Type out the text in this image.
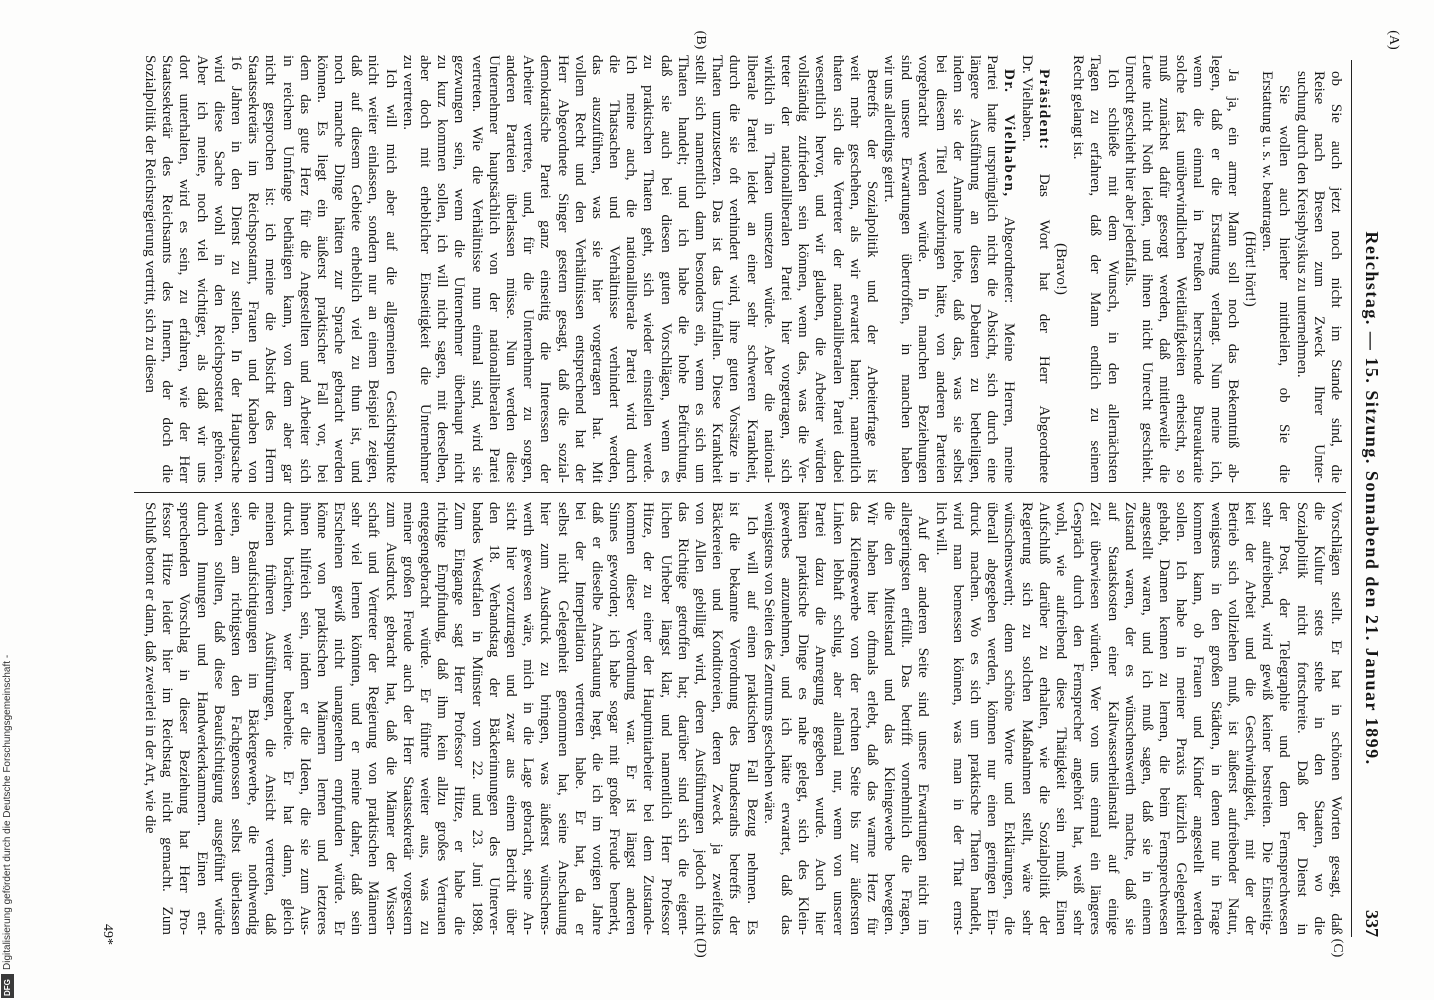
Reichstag. — 15. Sitzung. Sonnabend den 21. Januar 1899.
337
(A)
(B)
(C)
(D)
ob Sie auch jetzt noch nicht im Stande sind, die
Reise nach Bresen zum Zweck Ihrer Unter-
suchung durch den Kreisphysikus zu unternehmen.
Sie wollen auch hierher mittheilen, ob Sie die
Erstattung u. s. w. beantragen.
(Hört! hört!)
Ja ja, ein armer Mann soll noch das Bekenntniß ab-
legen, daß er die Erstattung verlangt. Nun meine ich,
wenn die einmal in Preußen herrschende Bureaukratie
solche fast unüberwindlichen Weitläufigkeiten erheischt, so
muß zunächst dafür gesorgt werden, daß mittlerweile die
Leute nicht Noth leiden, und ihnen nicht Unrecht geschieht.
Unrecht geschieht hier aber jedenfalls.
Ich schließe mit dem Wunsch, in den allernächsten
Tagen zu erfahren, daß der Mann endlich zu seinem
Recht gelangt ist.
(Bravo!)
Präsident: Das Wort hat der Herr Abgeordnete
Dr. Vielhaben.
Dr. Vielhaben, Abgeordneter: Meine Herren, meine
Partei hatte ursprünglich nicht die Absicht, sich durch eine
längere Ausführung an diesen Debatten zu betheiligen,
indem sie der Annahme lebte, daß das, was sie selbst
bei diesem Titel vorzubringen hätte, von anderen Parteien
vorgebracht werden würde. In manchen Beziehungen
sind unsere Erwartungen übertroffen, in manchen haben
wir uns allerdings geirrt.
Betreffs der Sozialpolitik und der Arbeiterfrage ist
weit mehr geschehen, als wir erwartet hatten; namentlich
thaten sich die Vertreter der nationalliberalen Partei dabei
wesentlich hervor, und wir glauben, die Arbeiter würden
vollständig zufrieden sein können, wenn das, was die Ver-
treter der nationalliberalen Partei hier vorgetragen, sich
wirklich in Thaten umsetzen würde. Aber die national-
liberale Partei leidet an einer sehr schweren Krankheit,
durch die sie oft verhindert wird, ihre guten Vorsätze in
Thaten umzusetzen. Das ist das Umfallen. Diese Krankheit
stellt sich namentlich dann besonders ein, wenn es sich um
Thaten handelt; und ich habe die hohe Befürchtung,
daß sie auch bei diesen guten Vorschlägen, wenn es
zu praktischen Thaten geht, sich wieder einstellen werde.
Ich meine auch, die nationalliberale Partei wird durch
die Thatsachen und Verhältnisse verhindert werden,
das auszuführen, was sie hier vorgetragen hat. Mit
vollem Recht und den Verhältnissen entsprechend hat der
Herr Abgeordnete Singer gestern gesagt, daß die sozial-
demokratische Partei ganz einseitig die Interessen der
Arbeiter vertrete, und, für die Unternehmer zu sorgen,
anderen Parteien überlassen müsse. Nun werden diese
Unternehmer hauptsächlich von der nationalliberalen Partei
vertreten. Wie die Verhältnisse nun einmal sind, wird sie
gezwungen sein, wenn die Unternehmer überhaupt nicht
zu kurz kommen sollen, ich will nicht sagen, mit derselben,
aber doch mit erheblicher Einseitigkeit die Unternehmer
zu vertreten.
Ich will mich aber auf die allgemeinen Gesichtspunkte
nicht weiter einlassen, sondern nur an einem Beispiel zeigen,
daß auf diesem Gebiete erheblich viel zu thun ist, und
noch manche Dinge hätten zur Sprache gebracht werden
können. Es liegt ein äußerst praktischer Fall vor, bei
dem das gute Herz für die Angestellten und Arbeiter sich
in reichem Umfange bethätigen kann, von dem aber gar
nicht gesprochen ist: ich meine die Absicht des Herrn
Staatssekretärs im Reichspostamt, Frauen und Knaben von
16 Jahren in den Dienst zu stellen. In der Hauptsache
wird diese Sache wohl in den Reichspostetat gehören.
Aber ich meine, noch viel wichtiger, als daß wir uns
dort unterhalten, wird es sein, zu erfahren, wie der Herr
Staatssekretär des Reichsamts des Innern, der doch die
Sozialpolitik der Reichsregierung vertritt, sich zu diesen
Vorschlägen stellt. Er hat in schönen Worten gesagt, daß
die Kultur stets stehe in den Staaten, wo die
Sozialpolitik nicht fortschreite. Daß der Dienst in
der Post, der Telegraphie und dem Fernsprechwesen
sehr aufreibend, wird gewiß keiner bestreiten. Die Einseitig-
keit der Arbeit und die Geschwindigkeit, mit der der
Betrieb sich vollziehen muß, ist äußerst aufreibender Natur,
wenigstens in den großen Städten, in denen nur in Frage
kommen kann, ob Frauen und Kinder angestellt werden
sollen. Ich habe in meiner Praxis kürzlich Gelegenheit
gehabt, Damen kennen zu lernen, die beim Fernsprechwesen
angestellt waren, und ich muß sagen, daß sie in einem
Zustand waren, der es wünschenswerth machte, daß sie
auf Staatskosten einer Kaltwasserheilanstalt auf einige
Zeit überwiesen würden. Wer von uns einmal ein längeres
Gespräch durch den Fernsprecher angehört hat, weiß sehr
wohl, wie aufreibend diese Thätigkeit sein muß. Einen
Aufschluß darüber zu erhalten, wie die Sozialpolitik der
Regierung sich zu solchen Maßnahmen stellt, wäre sehr
wünschenswerth; denn schöne Worte und Erklärungen, die
überall abgegeben werden, können nur einen geringen Ein-
druck machen. Wo es sich um praktische Thaten handelt,
wird man bemessen können, was man in der That ernst-
lich will.
Auf der anderen Seite sind unsere Erwartungen nicht im
allergeringsten erfüllt. Das betrifft vornehmlich die Fragen,
die den Mittelstand und das Kleingewerbe bewegten.
Wir haben hier oftmals erlebt, daß das warme Herz für
das Kleingewerbe von der rechten Seite bis zur äußersten
Linken lebhaft schlug, aber allemal nur, wenn von unserer
Partei dazu die Anregung gegeben wurde. Auch hier
hätten praktische Dinge es nahe gelegt, sich des Klein-
gewerbes anzunehmen, und ich hätte erwartet, daß das
wenigstens von Seiten des Zentrums geschehen wäre.
Ich will auf einen praktischen Fall Bezug nehmen. Es
ist die bekannte Verordnung des Bundesraths betreffs der
Bäckereien und Konditoreien, deren Zweck ja zweifellos
von Allen gebilligt wird, deren Ausführungen jedoch nicht
das Richtige getroffen hat; darüber sind sich die eigent-
lichen Urheber längst klar, und namentlich Herr Professor
Hitze, der zu einer der Hauptmitarbeiter bei dem Zustande-
kommen dieser Verordnung war. Er ist längst anderen
Sinnes geworden; ich habe sogar mit großer Freude bemerkt,
daß er dieselbe Anschauung hegt, die ich im vorigen Jahre
bei der Interpellation vertreten habe. Er hat, da er
selbst nicht Gelegenheit genommen hat, seine Anschauung
hier zum Ausdruck zu bringen, was äußerst wünschens-
werth gewesen wäre, mich in die Lage gebracht, seine An-
sicht hier vorzutragen und zwar aus einem Bericht über
den 18. Verbandstag der Bäckerinnungen des Unterver-
bandes Westfalen in Münster vom 22. und 23. Juni 1898.
Zum Eingange sagt Herr Professor Hitze, er habe die
richtige Empfindung, daß ihm kein allzu großes Vertrauen
entgegengebracht würde. Er führte weiter aus, was zu
meiner großen Freude auch der Herr Staatssekretär vorgestern
zum Ausdruck gebracht hat, daß die Männer der Wissen-
schaft und Vertreter der Regierung von praktischen Männern
sehr viel lernen könnten, und er meine daher, daß sein
Erscheinen gewiß nicht unangenehm empfunden würde. Er
könne von praktischen Männern lernen und letzteres
ihnen hilfreich sein, indem er die Ideen, die sie zum Aus-
druck brächten, weiter bearbeite. Er hat dann, gleich
meinen früheren Ausführungen, die Ansicht vertreten, daß
die Beaufsichtigungen im Bäckergewerbe, die nothwendig
seien, am richtigsten den Fachgenossen selbst überlassen
werden sollten, daß diese Beaufsichtigung ausgeführt würde
durch Innungen und Handwerkerkammern. Einen ent-
sprechenden Vorschlag in dieser Beziehung hat Herr Pro-
fessor Hitze leider hier im Reichstag nicht gemacht. Zum
Schluß betont er dann, daß zweierlei in der Art, wie die
49*
Digitalisierung gefördert durch die Deutsche Forschungsgemeinschaft -
DFG
